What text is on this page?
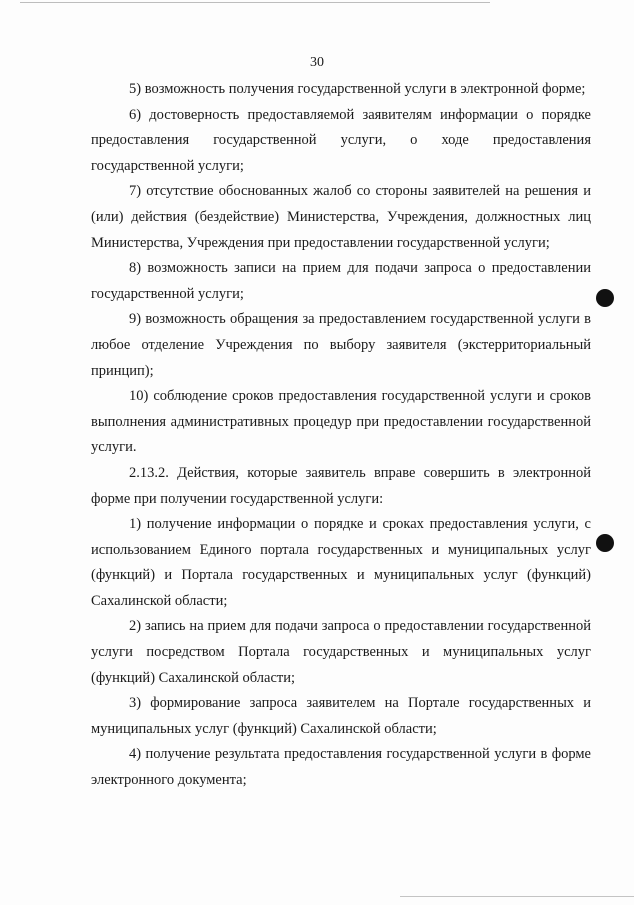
30

5) возможность получения государственной услуги в электронной форме;

6) достоверность предоставляемой заявителям информации о порядке предоставления государственной услуги, о ходе предоставления государственной услуги;

7) отсутствие обоснованных жалоб со стороны заявителей на решения и (или) действия (бездействие) Министерства, Учреждения, должностных лиц Министерства, Учреждения при предоставлении государственной услуги;

8) возможность записи на прием для подачи запроса о предоставлении государственной услуги;

9) возможность обращения за предоставлением государственной услуги в любое отделение Учреждения по выбору заявителя (экстерриториальный принцип);

10) соблюдение сроков предоставления государственной услуги и сроков выполнения административных процедур при предоставлении государственной услуги.

2.13.2. Действия, которые заявитель вправе совершить в электронной форме при получении государственной услуги:

1) получение информации о порядке и сроках предоставления услуги, с использованием Единого портала государственных и муниципальных услуг (функций) и Портала государственных и муниципальных услуг (функций) Сахалинской области;

2) запись на прием для подачи запроса о предоставлении государственной услуги посредством Портала государственных и муниципальных услуг (функций) Сахалинской области;

3) формирование запроса заявителем на Портале государственных и муниципальных услуг (функций) Сахалинской области;

4) получение результата предоставления государственной услуги в форме электронного документа;
